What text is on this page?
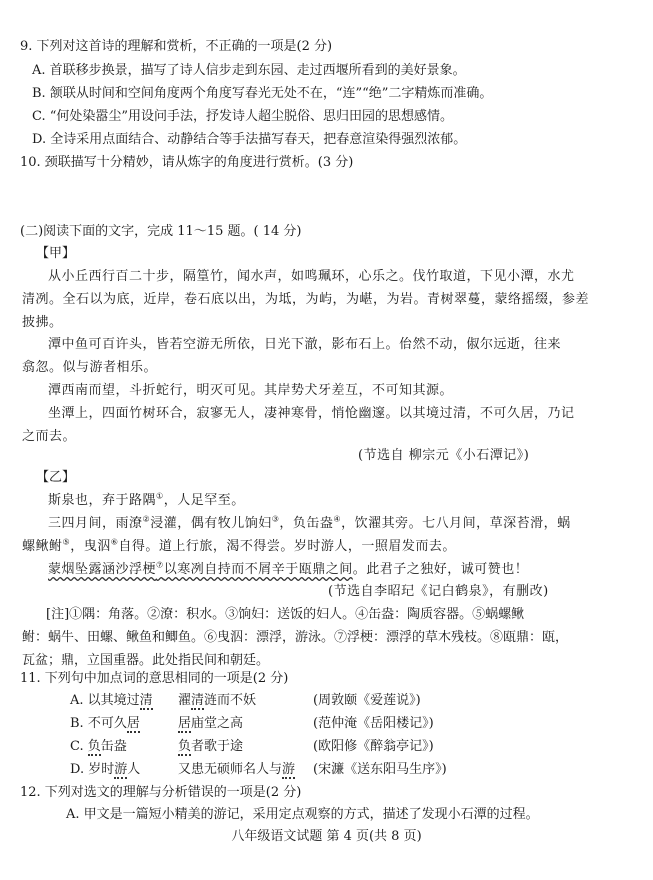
9. 下列对这首诗的理解和赏析，不正确的一项是(2 分)
A. 首联移步换景，描写了诗人信步走到东园、走过西堰所看到的美好景象。
B. 颔联从时间和空间角度两个角度写春光无处不在，“连”“绝”二字精炼而准确。
C. “何处染嚣尘”用设问手法，抒发诗人超尘脱俗、思归田园的思想感情。
D. 全诗采用点面结合、动静结合等手法描写春天，把春意渲染得强烈浓郁。
10. 颈联描写十分精妙，请从炼字的角度进行赏析。(3 分)
(二)阅读下面的文字，完成 11～15 题。( 14 分)
【甲】
从小丘西行百二十步，隔篁竹，闻水声，如鸣珮环，心乐之。伐竹取道，下见小潭，水尤
清冽。全石以为底，近岸，卷石底以出，为坻，为屿，为嵁，为岩。青树翠蔓，蒙络摇缀，参差
披拂。
潭中鱼可百许头，皆若空游无所依，日光下澈，影布石上。佁然不动，俶尔远逝，往来
翕忽。似与游者相乐。
潭西南而望，斗折蛇行，明灭可见。其岸势犬牙差互，不可知其源。
坐潭上，四面竹树环合，寂寥无人，凄神寒骨，悄怆幽邃。以其境过清，不可久居，乃记
之而去。
(节选自 柳宗元《小石潭记》)
【乙】
斯泉也，弃于路隅①，人足罕至。
三四月间，雨潦②浸灌，偶有牧儿饷妇③，负缶盎④，饮濯其旁。七八月间，草深苔滑，蜗
螺鳅鲋⑤，曳泅⑥自得。道上行旅，渴不得尝。岁时游人，一照眉发而去。
蒙烟坠露涵沙浮梗⑦以寒冽自持而不屑辛于瓯鼎之间。此君子之独好，诚可赞也！
(节选自李昭玘《记白鹤泉》，有删改)
[注]①隅：角落。②潦：积水。③饷妇：送饭的妇人。④缶盎：陶质容器。⑤蜗螺鳅
鲋：蜗牛、田螺、鳅鱼和鲫鱼。⑥曳泅：漂浮，游泳。⑦浮梗：漂浮的草木残枝。⑧瓯鼎：瓯，
瓦盆；鼎，立国重器。此处指民间和朝廷。
11. 下列句中加点词的意思相同的一项是(2 分)
A. 以其境过清 濯清涟而不妖	(周敦颐《爱莲说》)
B. 不可久居	居庙堂之高	(范仲淹《岳阳楼记》)
C. 负缶盎	负者歌于途	(欧阳修《醉翁亭记》)
D. 岁时游人	又患无硕师名人与游 (宋濂《送东阳马生序》)
12. 下列对选文的理解与分析错误的一项是(2 分)
A. 甲文是一篇短小精美的游记，采用定点观察的方式，描述了发现小石潭的过程。
八年级语文试题 第 4 页(共 8 页)
